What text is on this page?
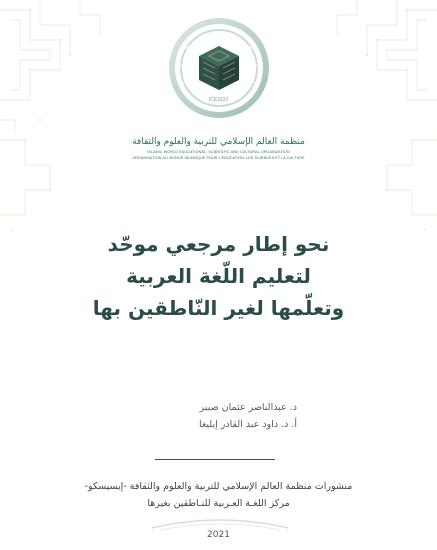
ICESCO
منظمة العالم الإسلامي للتربية والعلوم والثقافة
ISLAMIC WORLD EDUCATIONAL, SCIENTIFIC AND CULTURAL ORGANIZATION
ORGANISATION DU MONDE ISLAMIQUE POUR L'ÉDUCATION, LES SCIENCES ET LA CULTURE
نحو إطار مرجعي موحّد
لتعليم اللّغة العربية
وتعلّمها لغير النّاطقين بها
د. عبدالناصر عثمان صبير
أ. د. داود عبد القادر إيليغا
منشورات منظمة العالم الإسلامي للتربية والعلوم والثقافة -إيسيسكو-
مركز اللغـة العـربية للنـاطقين بغيرها
2021
